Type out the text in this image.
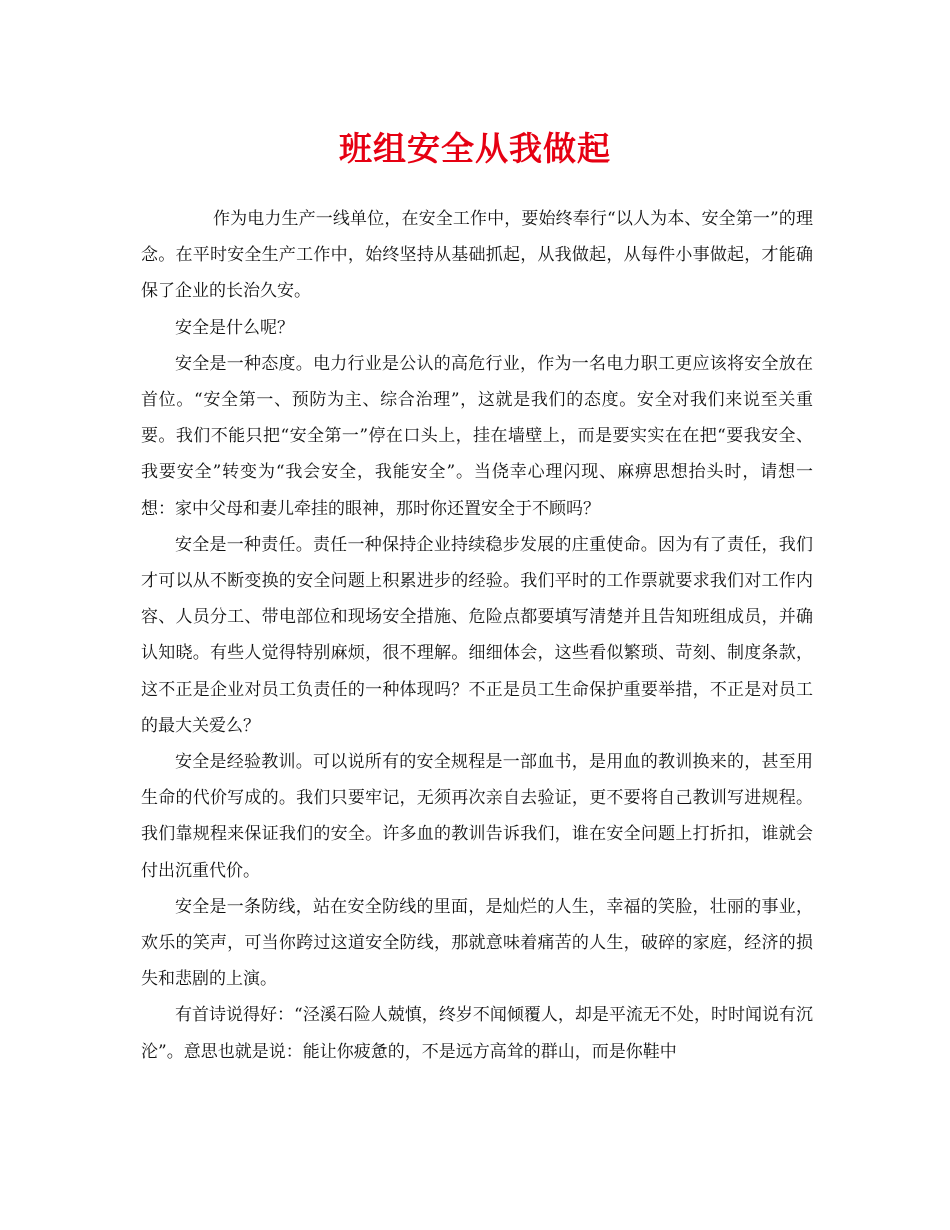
班组安全从我做起

作为电力生产一线单位，在安全工作中，要始终奉行“以人为本、安全第一”的理念。在平时安全生产工作中，始终坚持从基础抓起，从我做起，从每件小事做起，才能确保了企业的长治久安。

安全是什么呢？

安全是一种态度。电力行业是公认的高危行业，作为一名电力职工更应该将安全放在首位。“安全第一、预防为主、综合治理”，这就是我们的态度。安全对我们来说至关重要。我们不能只把“安全第一”停在口头上，挂在墙壁上，而是要实实在在把“要我安全、我要安全”转变为“我会安全，我能安全”。当侥幸心理闪现、麻痹思想抬头时，请想一想：家中父母和妻儿牵挂的眼神，那时你还置安全于不顾吗？

安全是一种责任。责任一种保持企业持续稳步发展的庄重使命。因为有了责任，我们才可以从不断变换的安全问题上积累进步的经验。我们平时的工作票就要求我们对工作内容、人员分工、带电部位和现场安全措施、危险点都要填写清楚并且告知班组成员，并确认知晓。有些人觉得特别麻烦，很不理解。细细体会，这些看似繁琐、苛刻、制度条款，这不正是企业对员工负责任的一种体现吗？不正是员工生命保护重要举措，不正是对员工的最大关爱么？

安全是经验教训。可以说所有的安全规程是一部血书，是用血的教训换来的，甚至用生命的代价写成的。我们只要牢记，无须再次亲自去验证，更不要将自己教训写进规程。我们靠规程来保证我们的安全。许多血的教训告诉我们，谁在安全问题上打折扣，谁就会付出沉重代价。

安全是一条防线，站在安全防线的里面，是灿烂的人生，幸福的笑脸，壮丽的事业，欢乐的笑声，可当你跨过这道安全防线，那就意味着痛苦的人生，破碎的家庭，经济的损失和悲剧的上演。

有首诗说得好：“泾溪石险人兢慎，终岁不闻倾覆人，却是平流无不处，时时闻说有沉沦”。意思也就是说：能让你疲惫的，不是远方高耸的群山，而是你鞋中
